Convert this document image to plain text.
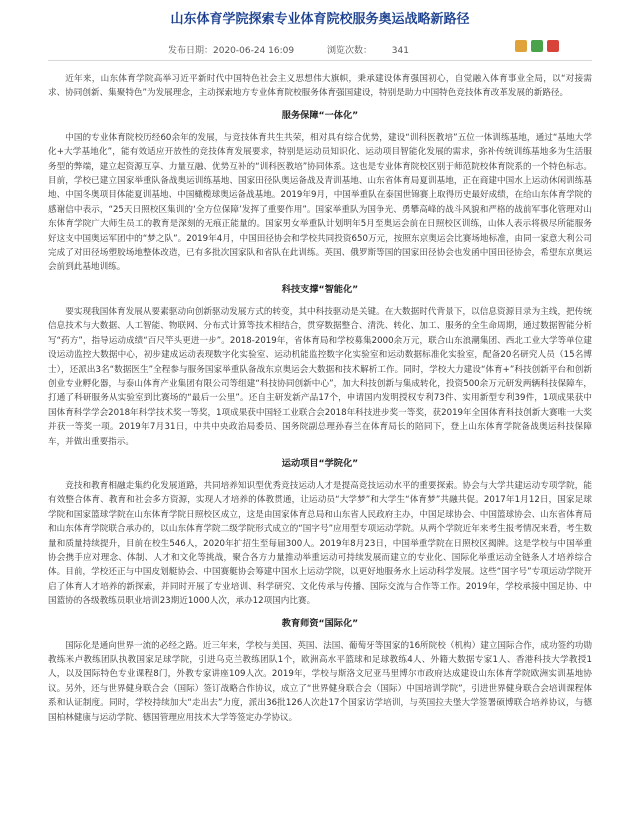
山东体育学院探索专业体育院校服务奥运战略新路径
发布日期：2020-06-24 16:09	浏览次数： 341

近年来，山东体育学院高举习近平新时代中国特色社会主义思想伟大旗帜，秉承建设体育强国初心，自觉融入体育事业全局，以“对接需求、协同创新、集聚特色”为发展理念，主动探索地方专业体育院校服务体育强国建设，特别是助力中国特色竞技体育改革发展的新路径。

服务保障“一体化”

中国的专业体育院校历经60余年的发展，与竞技体育共生共荣，相对具有综合优势，建设“训科医教培”五位一体训练基地，通过“基地大学化+大学基地化”，能有效适应开放性的竞技体育发展要求，特别是运动员知识化、运动项目智能化发展的需求，弥补传统训练基地多为生活服务型的弊端，建立起资源互享、力量互融、优势互补的“训科医教培”协同体系。这也是专业体育院校区别于师范院校体育院系的一个特色标志。目前，学校已建立国家举重队备战奥运训练基地、国家田径队奥运备战及青训基地、山东省体育局夏训基地，正在商建中国水上运动休闲训练基地、中国冬奥项目体能夏训基地、中国橄榄球奥运备战基地。2019年9月，中国举重队在泰国世锦赛上取得历史最好成绩，在给山东体育学院的感谢信中表示，“25天日照校区集训的‘全方位保障’发挥了重要作用”。国家举重队为国争光、勇攀高峰的战斗风貌和严格的战前军事化管理对山东体育学院广大师生员工的教育是深刻的无痕正能量的。国家男女举重队计划明年5月至奥运会前在日照校区训练，山体人表示将极尽所能服务好这支中国奥运军团中的“梦之队”。2019年4月，中国田径协会和学校共同投资650万元，按照东京奥运会比赛场地标准，由同一家意大利公司完成了对田径场塑胶场地整体改造，已有多批次国家队和省队在此训练。英国、俄罗斯等国的国家田径协会也发函中国田径协会，希望东京奥运会前到此基地训练。

科技支撑“智能化”

要实现我国体育发展从要素驱动向创新驱动发展方式的转变，其中科技驱动是关键。在大数据时代背景下，以信息资源目录为主线，把传统信息技术与大数据、人工智能、物联网、分布式计算等技术相结合，贯穿数据整合、清洗、转化、加工、服务的全生命周期，通过数据智能分析写“药方”，指导运动成绩“百尺竿头更进一步”。2018-2019年，省体育局和学校募集2000余万元，联合山东浪潮集团、西北工业大学等单位建设运动监控大数据中心，初步建成运动表现数字化实验室、运动机能监控数字化实验室和运动数据标准化实验室，配备20名研究人员（15名博士），还派出3名“数据医生”全程参与服务国家举重队备战东京奥运会大数据和技术解析工作。同时，学校大力建设“体育+”科技创新平台和创新创业专业孵化器，与泰山体育产业集团有限公司等组建“科技协同创新中心”，加大科技创新与集成转化，投资500余万元研发两辆科技保障车，打通了科研服务从实验室到比赛场的“最后一公里”。还自主研发新产品17个，申请国内发明授权专利73件、实用新型专利39件，1项成果获中国体育科学学会2018年科学技术奖一等奖，1项成果获中国轻工业联合会2018年科技进步奖一等奖，获2019年全国体育科技创新大赛唯一大奖并获一等奖一项。2019年7月31日，中共中央政治局委员、国务院副总理孙春兰在体育局长的陪同下，登上山东体育学院备战奥运科技保障车，并做出重要指示。

运动项目“学院化”

竞技和教育相融走集约化发展道路，共同培养知识型优秀竞技运动人才是提高竞技运动水平的重要探索。协会与大学共建运动专项学院，能有效整合体育、教育和社会多方资源，实现人才培养的体教贯通，让运动员“大学梦”和大学生“体育梦”共融共促。2017年1月12日，国家足球学院和国家篮球学院在山东体育学院日照校区成立，这是由国家体育总局和山东省人民政府主办，中国足球协会、中国篮球协会、山东省体育局和山东体育学院联合承办的，以山东体育学院二级学院形式成立的“国字号”应用型专项运动学院。从两个学院近年来考生报考情况来看，考生数量和质量持续提升，目前在校生546人，2020年扩招生至每届300人。2019年8月23日，中国举重学院在日照校区揭牌。这是学校与中国举重协会携手应对理念、体制、人才和文化等挑战，聚合各方力量推动举重运动可持续发展而建立的专业化、国际化举重运动全链条人才培养综合体。目前，学校还正与中国皮划艇协会、中国赛艇协会筹建中国水上运动学院，以更好地服务水上运动科学发展。这些“国字号”专项运动学院开启了体育人才培养的新探索，并同时开展了专业培训、科学研究、文化传承与传播、国际交流与合作等工作。2019年，学校承接中国足协、中国篮协的各级教练员职业培训23期近1000人次，承办12项国内比赛。

教育师资“国际化”

国际化是通向世界一流的必经之路。近三年来，学校与美国、英国、法国、葡萄牙等国家的16所院校（机构）建立国际合作，成功签约功勋教练米卢教练团队执教国家足球学院，引进乌克兰教练团队1个，欧洲高水平篮球和足球教练4人、外籍大数据专家1人、香港科技大学教授1人，以及国际特色专业课程8门，外教专家讲座109人次。2019年，学校与斯洛文尼亚马里博尔市政府达成建设山东体育学院欧洲实训基地协议。另外，还与世界健身联合会（国际）签订战略合作协议，成立了“世界健身联合会（国际）中国培训学院”，引进世界健身联合会培训课程体系和认证制度。同时，学校持续加大“走出去”力度，派出36批126人次赴17个国家访学培训，与英国拉夫堡大学签署硕博联合培养协议，与德国柏林健康与运动学院、德国管理应用技术大学等签定办学协议。
